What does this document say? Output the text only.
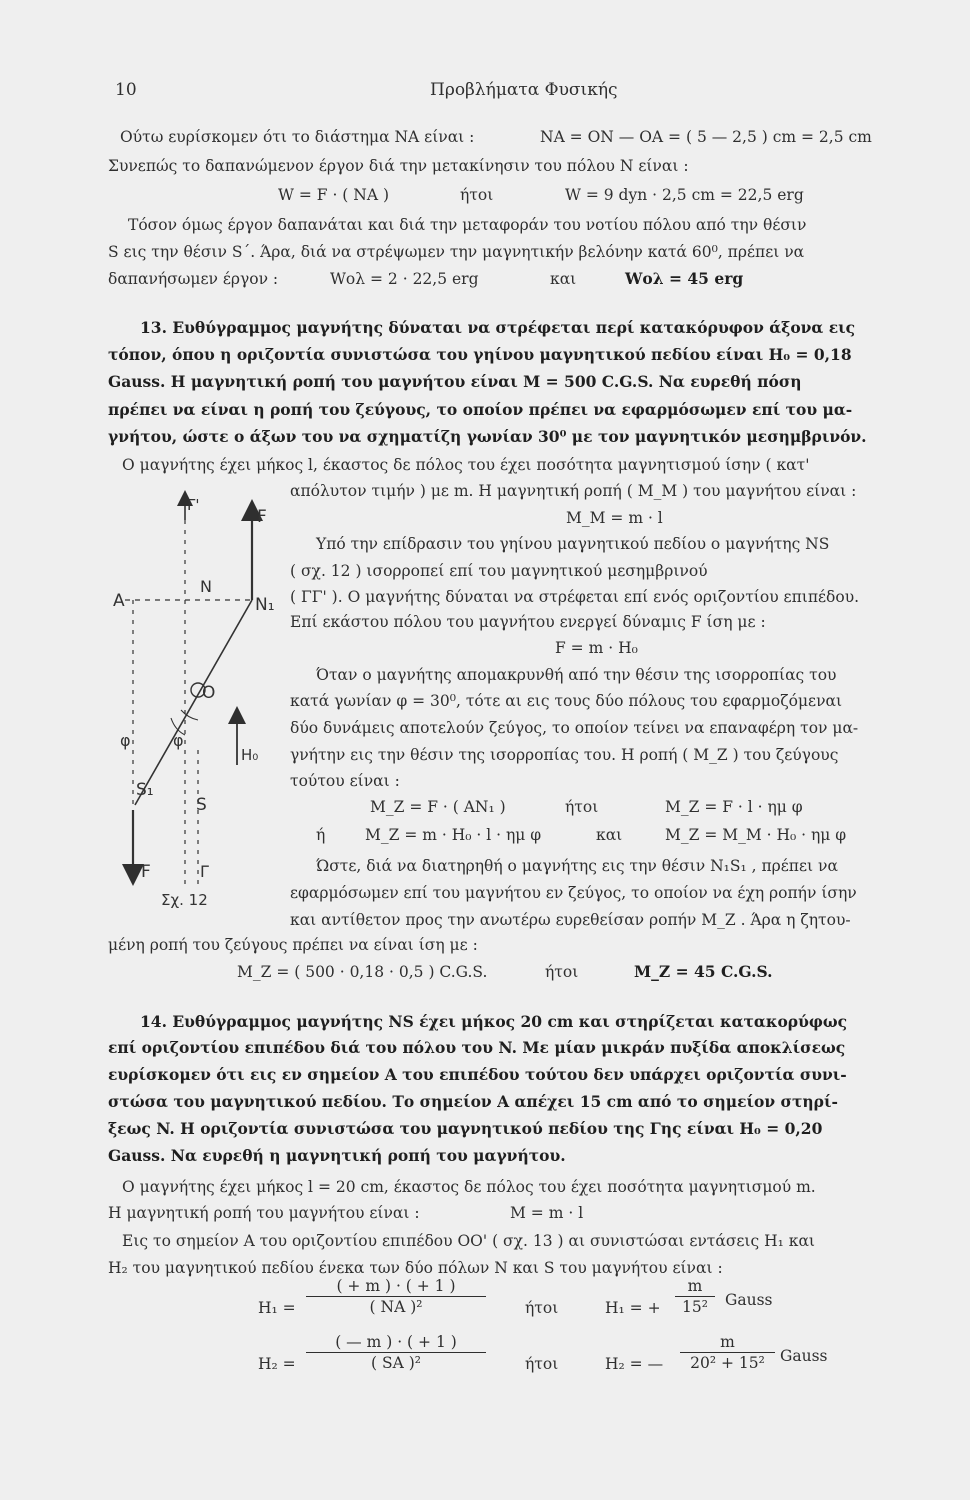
10	Προβλήματα Φυσικής
Ούτω ευρίσκομεν ότι το διάστημα ΝΑ είναι :	ΝΑ = ΟΝ — ΟΑ = ( 5 — 2,5 ) cm = 2,5 cm
Συνεπώς το δαπανώμενον έργον διά την μετακίνησιν του πόλου Ν είναι :
W = F · ( NA )	ήτοι	W = 9 dyn · 2,5 cm = 22,5 erg
Τόσον όμως έργον δαπανάται και διά την μεταφοράν του νοτίου πόλου από την θέσιν
S εις την θέσιν S΄. Άρα, διά να στρέψωμεν την μαγνητικήν βελόνην κατά 60⁰, πρέπει να
δαπανήσωμεν έργον :	Wολ = 2 · 22,5 erg	και	Wολ = 45 erg
13. Ευθύγραμμος μαγνήτης δύναται να στρέφεται περί κατακόρυφον άξονα εις
τόπον, όπου η οριζοντία συνιστώσα του γηίνου μαγνητικού πεδίου είναι H₀ = 0,18
Gauss. Η μαγνητική ροπή του μαγνήτου είναι M = 500 C.G.S. Να ευρεθή πόση
πρέπει να είναι η ροπή του ζεύγους, το οποίον πρέπει να εφαρμόσωμεν επί του μα-
γνήτου, ώστε ο άξων του να σχηματίζη γωνίαν 30⁰ με τον μαγνητικόν μεσημβρινόν.
Ο μαγνήτης έχει μήκος l, έκαστος δε πόλος του έχει ποσότητα μαγνητισμού ίσην ( κατ'
απόλυτον τιμήν ) με m. Η μαγνητική ροπή ( M_M ) του μαγνήτου είναι :
M_M = m · l
Υπό την επίδρασιν του γηίνου μαγνητικού πεδίου ο μαγνήτης NS
( σχ. 12 ) ισορροπεί επί του μαγνητικού μεσημβρινού
( ΓΓ' ). Ο μαγνήτης δύναται να στρέφεται επί ενός οριζοντίου επιπέδου.
Επί εκάστου πόλου του μαγνήτου ενεργεί δύναμις F ίση με :
F = m · H₀
Όταν ο μαγνήτης απομακρυνθή από την θέσιν της ισορροπίας του
κατά γωνίαν φ = 30⁰, τότε αι εις τους δύο πόλους του εφαρμοζόμεναι
δύο δυνάμεις αποτελούν ζεύγος, το οποίον τείνει να επαναφέρη τον μα-
γνήτην εις την θέσιν της ισορροπίας του. Η ροπή ( M_Z ) του ζεύγους
τούτου είναι :
M_Z = F · ( AN₁ )	ήτοι	M_Z = F · l · ημ φ
ή	M_Z = m · H₀ · l · ημ φ	και	M_Z = M_M · H₀ · ημ φ
Ώστε, διά να διατηρηθή ο μαγνήτης εις την θέσιν N₁S₁ , πρέπει να
εφαρμόσωμεν επί του μαγνήτου εν ζεύγος, το οποίον να έχη ροπήν ίσην
και αντίθετον προς την ανωτέρω ευρεθείσαν ροπήν M_Z . Άρα η ζητου-
μένη ροπή του ζεύγους πρέπει να είναι ίση με :
M_Z = ( 500 · 0,18 · 0,5 ) C.G.S.	ήτοι	M_Z = 45 C.G.S.
Γ'
F
A
N
N₁
O
φ	φ
H₀
S₁
S
F	Γ
Σχ. 12
14. Ευθύγραμμος μαγνήτης NS έχει μήκος 20 cm και στηρίζεται κατακορύφως
επί οριζοντίου επιπέδου διά του πόλου του N. Με μίαν μικράν πυξίδα αποκλίσεως
ευρίσκομεν ότι εις εν σημείον A του επιπέδου τούτου δεν υπάρχει οριζοντία συνι-
στώσα του μαγνητικού πεδίου. Το σημείον A απέχει 15 cm από το σημείον στηρί-
ξεως N. Η οριζοντία συνιστώσα του μαγνητικού πεδίου της Γης είναι H₀ = 0,20
Gauss. Να ευρεθή η μαγνητική ροπή του μαγνήτου.
Ο μαγνήτης έχει μήκος l = 20 cm, έκαστος δε πόλος του έχει ποσότητα μαγνητισμού m.
Η μαγνητική ροπή του μαγνήτου είναι :	M = m · l
Εις το σημείον A του οριζοντίου επιπέδου OO' ( σχ. 13 ) αι συνιστώσαι εντάσεις H₁ και
H₂ του μαγνητικού πεδίου ένεκα των δύο πόλων N και S του μαγνήτου είναι :
$H_1 = \frac{( + m ) \cdot ( + 1 )}{\text{( NA )²}}$	ήτοι	H₁ = + $\frac{m}{\text{15²}}$ Gauss
$H_2 = \frac{( — m ) \cdot ( + 1 )}{\text{( SA )²}}$	ήτοι	H₂ = — $\frac{m}{\text{20² + 15²}}$ Gauss
